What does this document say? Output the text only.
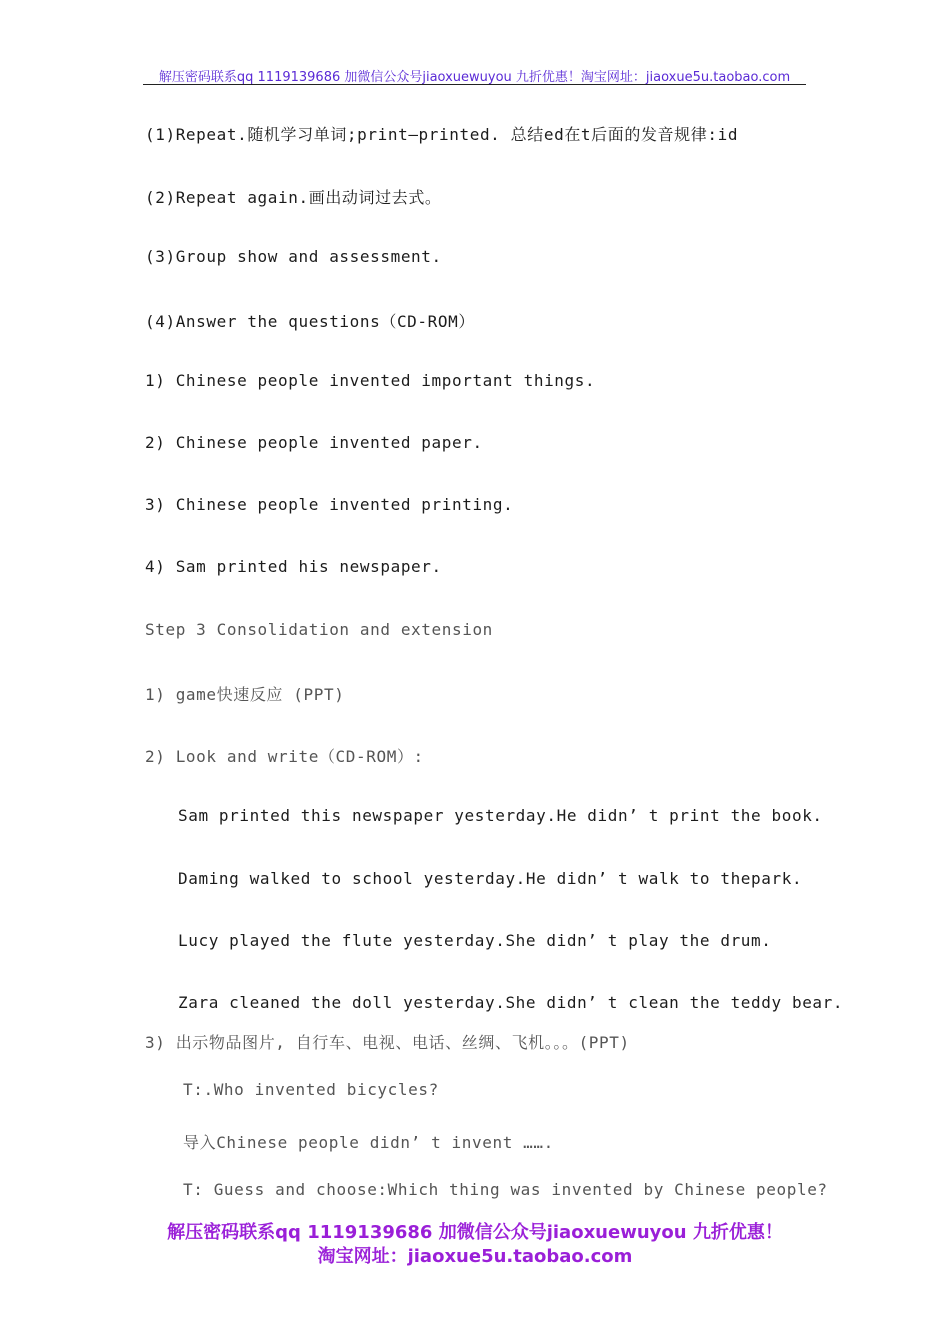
解压密码联系qq 1119139686 加微信公众号jiaoxuewuyou 九折优惠！淘宝网址：jiaoxue5u.taobao.com
(1)Repeat.随机学习单词;print—printed. 总结ed在t后面的发音规律:id
(2)Repeat again.画出动词过去式。
(3)Group show and assessment.
(4)Answer the questions（CD-ROM）
1) Chinese people invented important things.
2) Chinese people invented paper.
3) Chinese people invented printing.
4) Sam printed his newspaper.
Step 3 Consolidation and extension
1) game快速反应 (PPT)
2) Look and write（CD-ROM）:
Sam printed this newspaper yesterday.He didn’ t print the book.
Daming walked to school yesterday.He didn’ t walk to thepark.
Lucy played the flute yesterday.She didn’ t play the drum.
Zara cleaned the doll yesterday.She didn’ t clean the teddy bear.
3) 出示物品图片, 自行车、电视、电话、丝绸、飞机。。。(PPT)
T:.Who invented bicycles?
导入Chinese people didn’ t invent …….
T: Guess and choose:Which thing was invented by Chinese people?
解压密码联系qq 1119139686 加微信公众号jiaoxuewuyou 九折优惠！
淘宝网址：jiaoxue5u.taobao.com
